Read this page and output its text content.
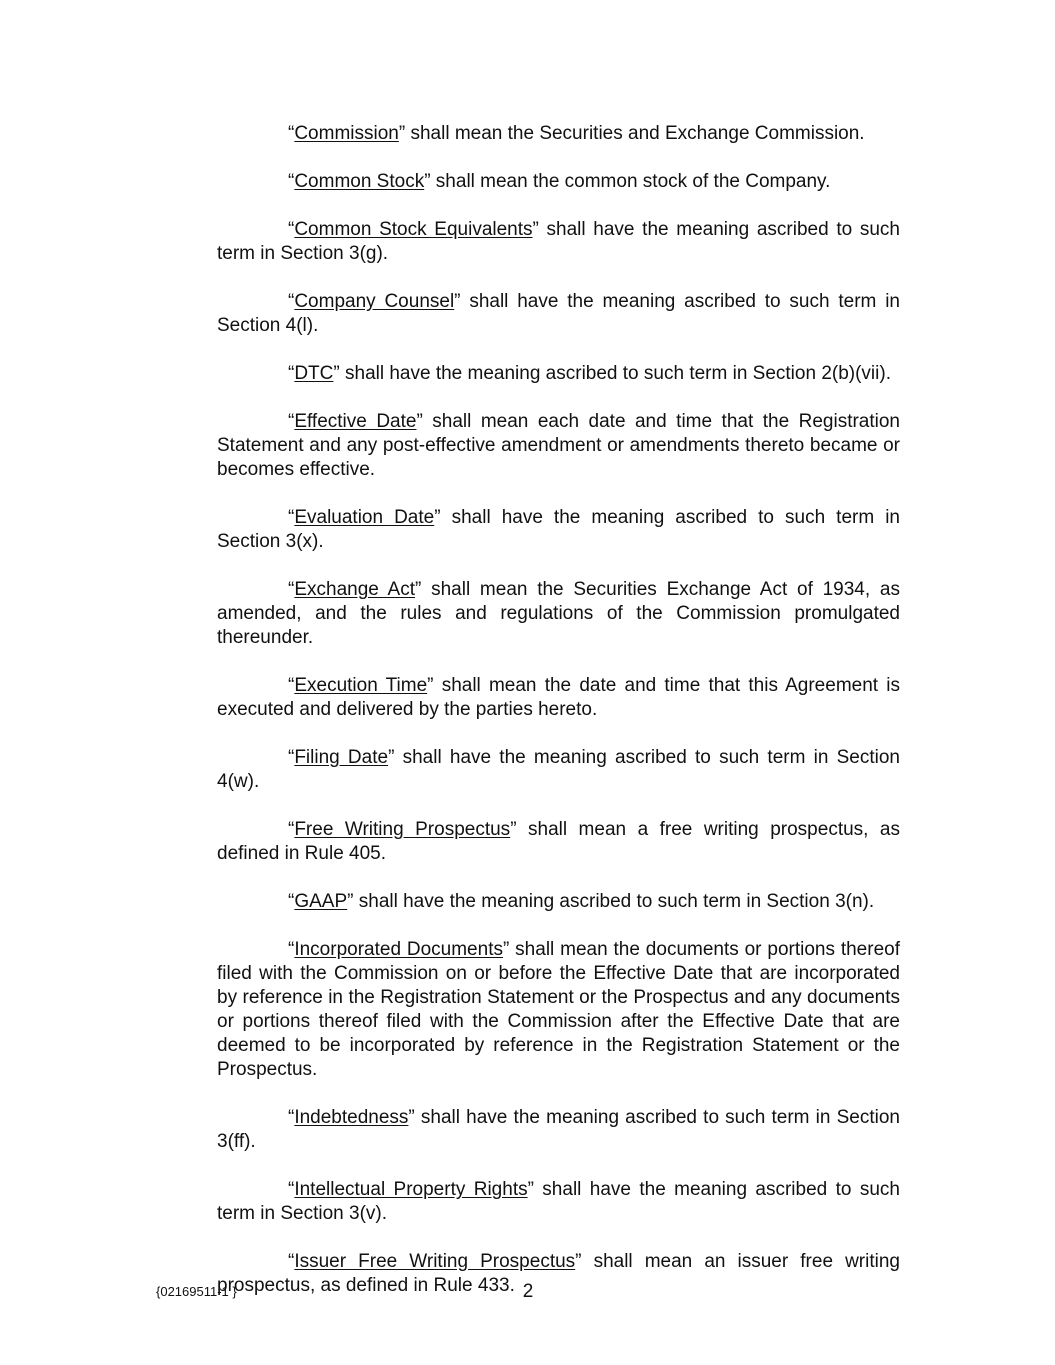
“Commission” shall mean the Securities and Exchange Commission.

“Common Stock” shall mean the common stock of the Company.

“Common Stock Equivalents” shall have the meaning ascribed to such term in Section 3(g).

“Company Counsel” shall have the meaning ascribed to such term in Section 4(l).

“DTC” shall have the meaning ascribed to such term in Section 2(b)(vii).

“Effective Date” shall mean each date and time that the Registration Statement and any post-effective amendment or amendments thereto became or becomes effective.

“Evaluation Date” shall have the meaning ascribed to such term in Section 3(x).

“Exchange Act” shall mean the Securities Exchange Act of 1934, as amended, and the rules and regulations of the Commission promulgated thereunder.

“Execution Time” shall mean the date and time that this Agreement is executed and delivered by the parties hereto.

“Filing Date” shall have the meaning ascribed to such term in Section 4(w).

“Free Writing Prospectus” shall mean a free writing prospectus, as defined in Rule 405.

“GAAP” shall have the meaning ascribed to such term in Section 3(n).

“Incorporated Documents” shall mean the documents or portions thereof filed with the Commission on or before the Effective Date that are incorporated by reference in the Registration Statement or the Prospectus and any documents or portions thereof filed with the Commission after the Effective Date that are deemed to be incorporated by reference in the Registration Statement or the Prospectus.

“Indebtedness” shall have the meaning ascribed to such term in Section 3(ff).

“Intellectual Property Rights” shall have the meaning ascribed to such term in Section 3(v).

“Issuer Free Writing Prospectus” shall mean an issuer free writing prospectus, as defined in Rule 433.

{02169511-1 }	2
